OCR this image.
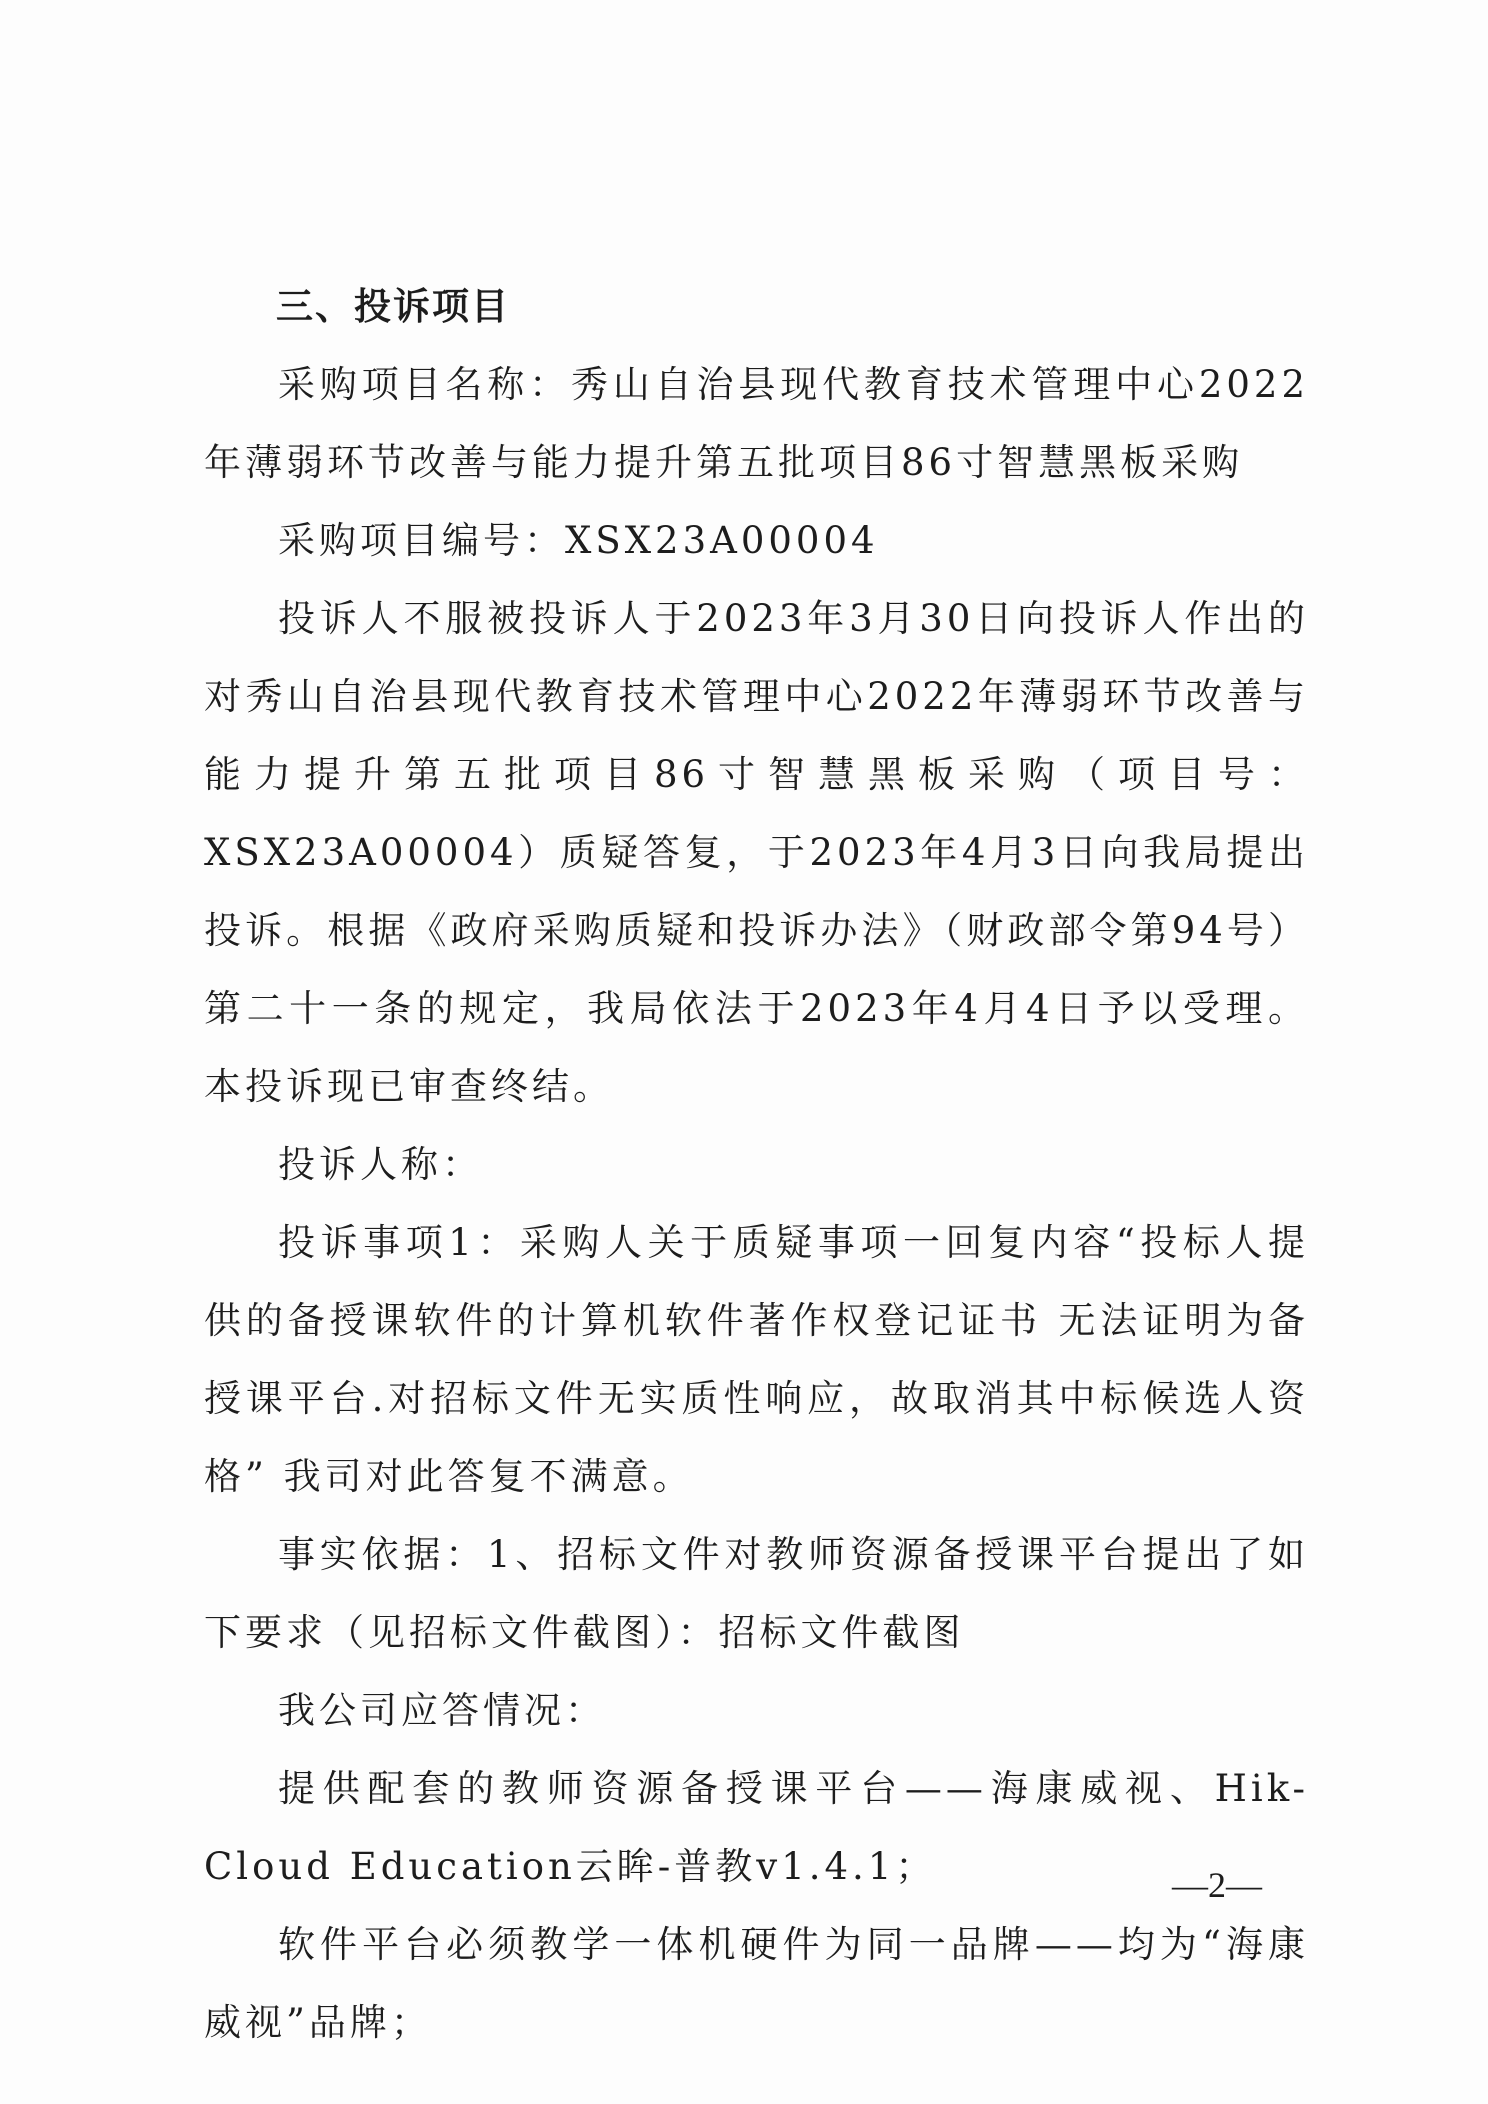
三、投诉项目

采购项目名称：秀山自治县现代教育技术管理中心2022年薄弱环节改善与能力提升第五批项目86寸智慧黑板采购

采购项目编号：XSX23A00004

投诉人不服被投诉人于2023年3月30日向投诉人作出的对秀山自治县现代教育技术管理中心2022年薄弱环节改善与能力提升第五批项目86寸智慧黑板采购（项目号：XSX23A00004）质疑答复，于2023年4月3日向我局提出投诉。根据《政府采购质疑和投诉办法》（财政部令第94号）第二十一条的规定，我局依法于2023年4月4日予以受理。本投诉现已审查终结。

投诉人称：

投诉事项1：采购人关于质疑事项一回复内容“投标人提供的备授课软件的计算机软件著作权登记证书 无法证明为备授课平台.对招标文件无实质性响应，故取消其中标候选人资格” 我司对此答复不满意。

事实依据：1、招标文件对教师资源备授课平台提出了如下要求（见招标文件截图）：招标文件截图

我公司应答情况：

提供配套的教师资源备授课平台——海康威视、Hik-Cloud Education云眸-普教v1.4.1；

软件平台必须教学一体机硬件为同一品牌——均为“海康威视”品牌；

—2—
